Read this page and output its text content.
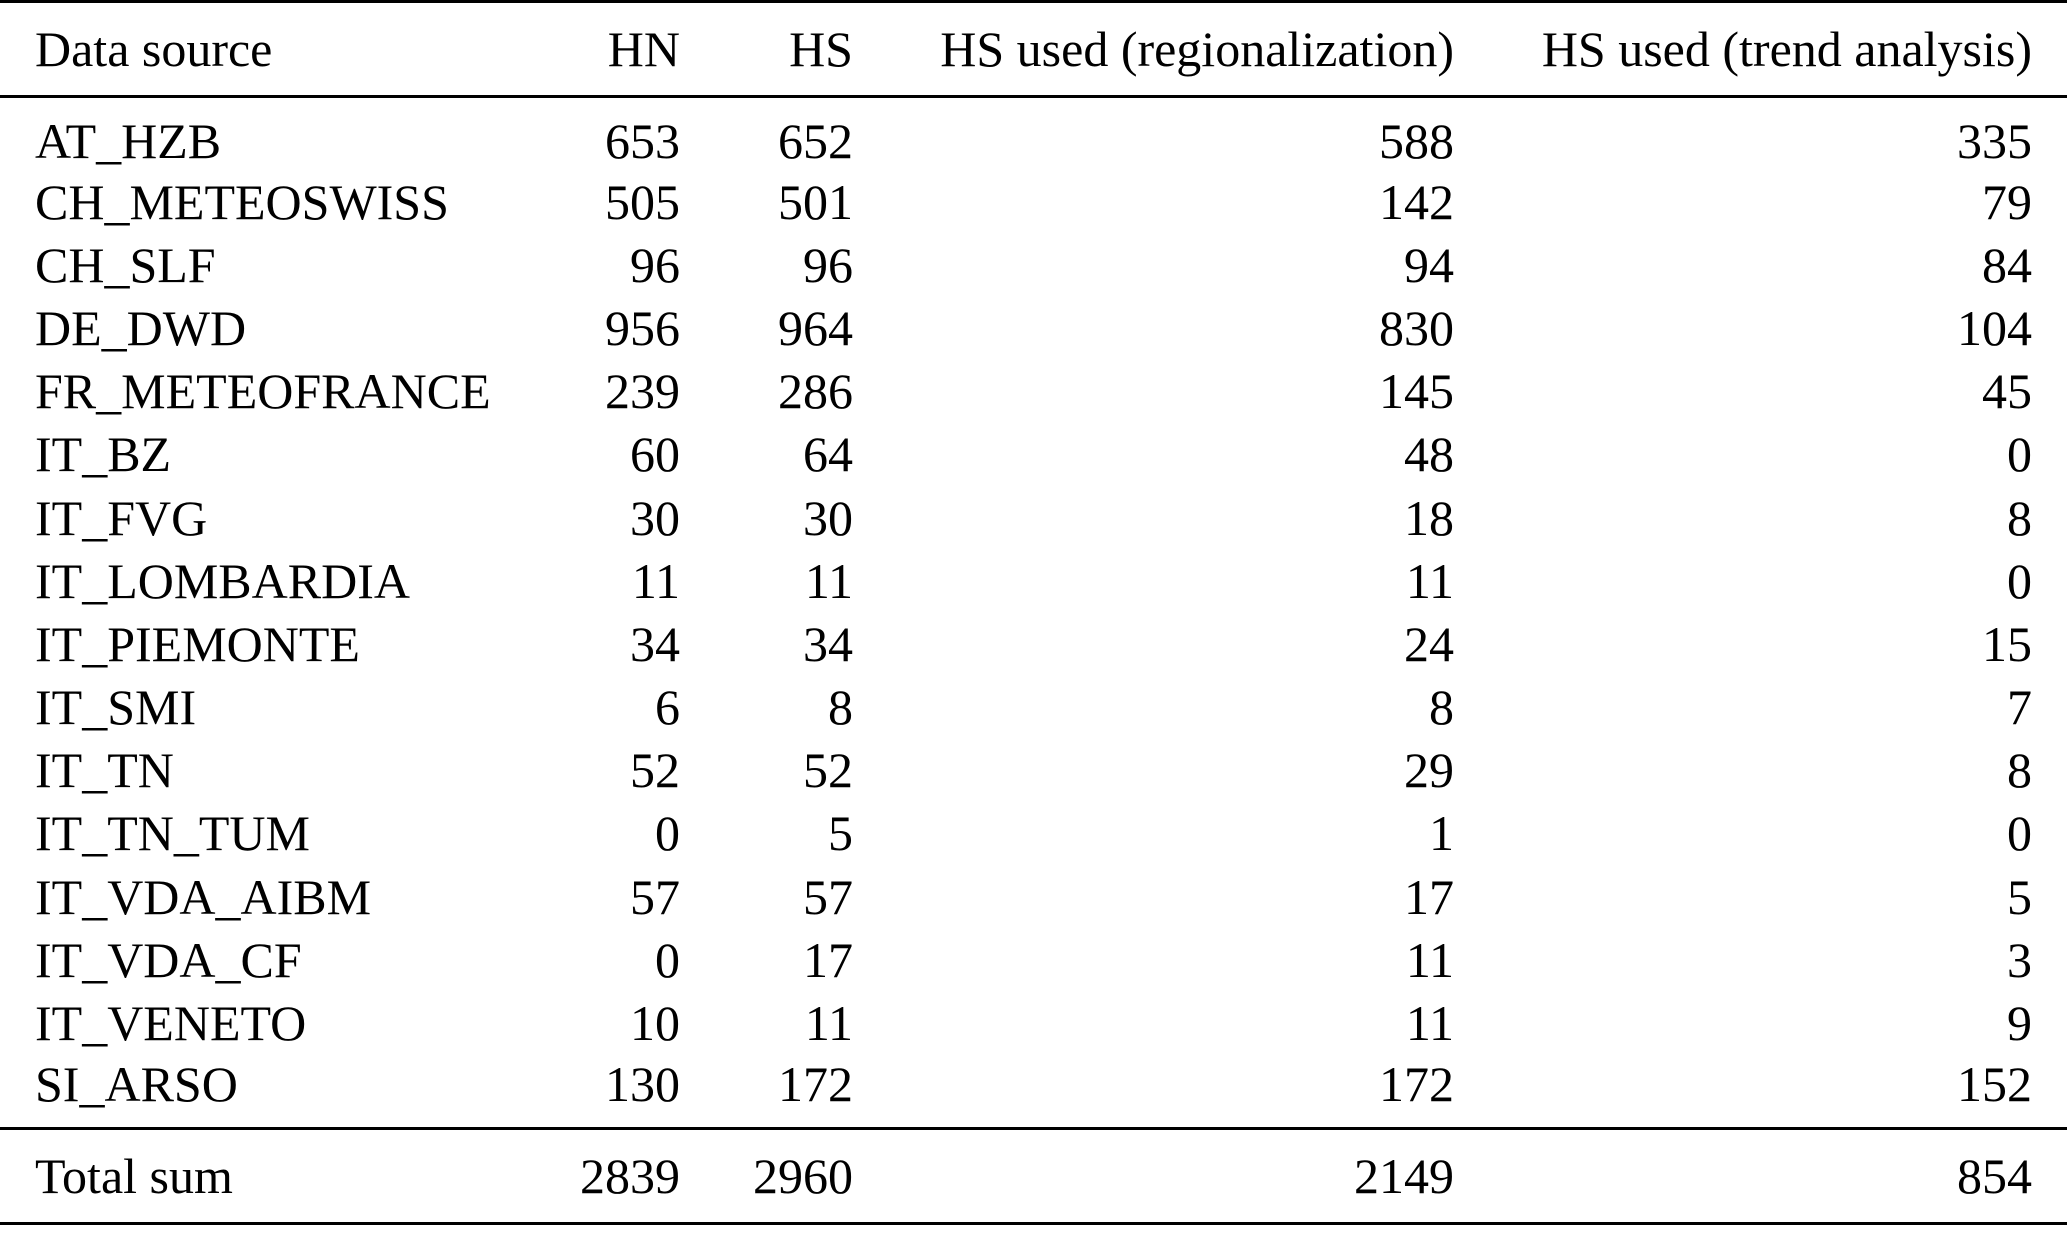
Data source	HN	HS	HS used (regionalization)	HS used (trend analysis)
AT_HZB	653	652	588	335
CH_METEOSWISS	505	501	142	79
CH_SLF	96	96	94	84
DE_DWD	956	964	830	104
FR_METEOFRANCE	239	286	145	45
IT_BZ	60	64	48	0
IT_FVG	30	30	18	8
IT_LOMBARDIA	11	11	11	0
IT_PIEMONTE	34	34	24	15
IT_SMI	6	8	8	7
IT_TN	52	52	29	8
IT_TN_TUM	0	5	1	0
IT_VDA_AIBM	57	57	17	5
IT_VDA_CF	0	17	11	3
IT_VENETO	10	11	11	9
SI_ARSO	130	172	172	152
Total sum	2839	2960	2149	854
